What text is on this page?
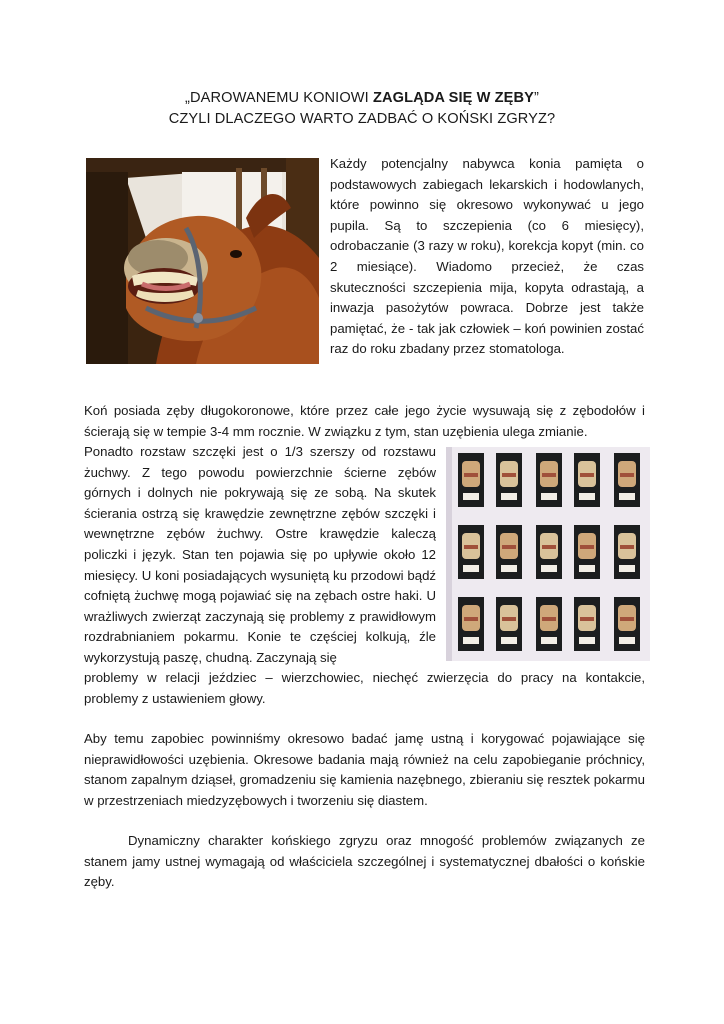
„DAROWANEMU KONIOWI ZAGLĄDA SIĘ W ZĘBY”
CZYLI DLACZEGO WARTO ZADBAĆ O KOŃSKI ZGRYZ?
Każdy potencjalny nabywca konia pamięta o podstawowych zabiegach lekarskich i hodowlanych, które powinno się okresowo wykonywać u jego pupila. Są to szczepienia (co 6 miesięcy), odrobaczanie (3 razy w roku), korekcja kopyt (min. co 2 miesiące). Wiadomo przecież, że czas skuteczności szczepienia mija, kopyta odrastają, a inwazja pasożytów powraca. Dobrze jest także pamiętać, że - tak jak człowiek – koń powinien zostać raz do roku zbadany przez stomatologa.
Koń posiada zęby długokoronowe, które przez całe jego życie wysuwają się z zębodołów i ścierają się w tempie 3-4 mm rocznie. W związku z tym, stan uzębienia ulega zmianie.
Ponadto rozstaw szczęki jest o 1/3 szerszy od rozstawu żuchwy. Z tego powodu powierzchnie ścierne zębów górnych i dolnych nie pokrywają się ze sobą. Na skutek ścierania ostrzą się krawędzie zewnętrzne zębów szczęki i wewnętrzne zębów żuchwy. Ostre krawędzie kaleczą policzki i język. Stan ten pojawia się po upływie około 12 miesięcy. U koni posiadających wysuniętą ku przodowi bądź cofniętą żuchwę mogą pojawiać się na zębach ostre haki. U wrażliwych zwierząt zaczynają się problemy z prawidłowym rozdrabnianiem pokarmu. Konie te częściej kolkują, źle wykorzystują paszę, chudną. Zaczynają się
problemy w relacji jeździec – wierzchowiec, niechęć zwierzęcia do pracy na kontakcie, problemy z ustawieniem głowy.
Aby temu zapobiec powinniśmy okresowo badać jamę ustną i korygować pojawiające się nieprawidłowości uzębienia. Okresowe badania mają również na celu zapobieganie próchnicy, stanom zapalnym dziąseł, gromadzeniu się kamienia nazębnego, zbieraniu się resztek pokarmu w przestrzeniach miedzyzębowych i tworzeniu się diastem.
Dynamiczny charakter końskiego zgryzu oraz mnogość problemów związanych ze stanem jamy ustnej wymagają od właściciela szczególnej i systematycznej dbałości o końskie zęby.
